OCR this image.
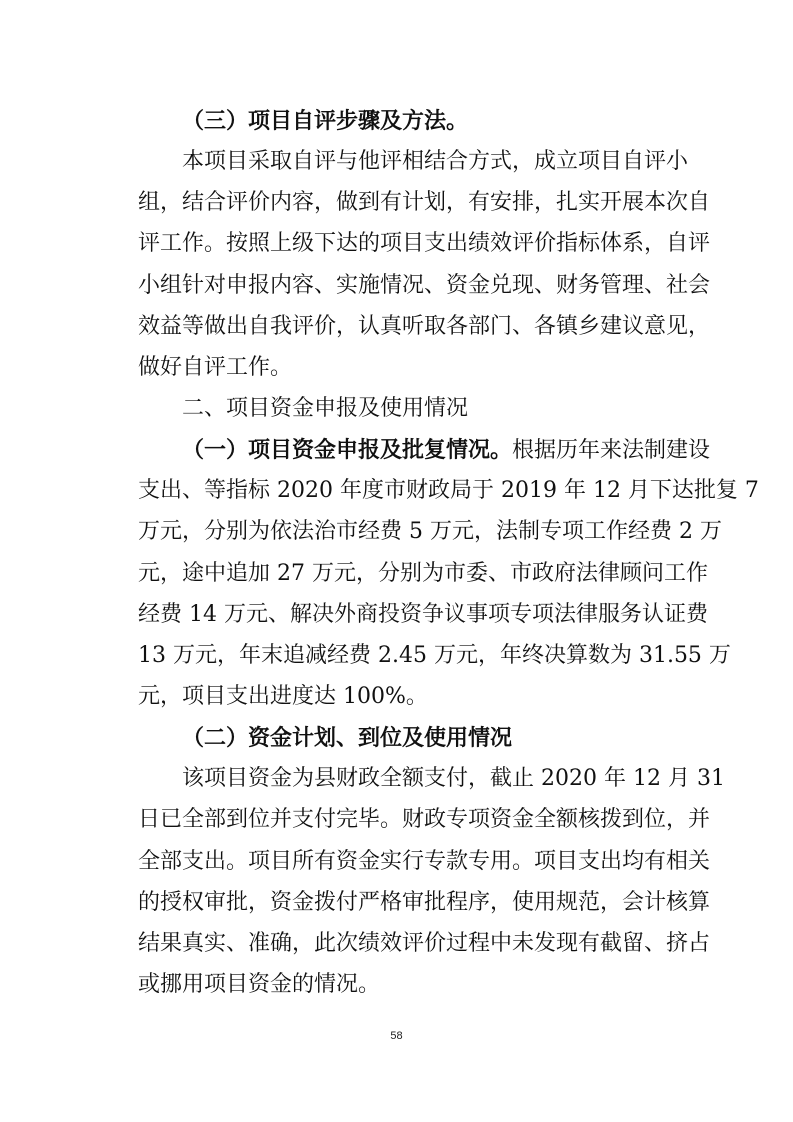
（三）项目自评步骤及方法。
本项目采取自评与他评相结合方式，成立项目自评小
组，结合评价内容，做到有计划，有安排，扎实开展本次自
评工作。按照上级下达的项目支出绩效评价指标体系，自评
小组针对申报内容、实施情况、资金兑现、财务管理、社会
效益等做出自我评价，认真听取各部门、各镇乡建议意见，
做好自评工作。
二、项目资金申报及使用情况
（一）项目资金申报及批复情况。根据历年来法制建设
支出、等指标 2020 年度市财政局于 2019 年 12 月下达批复 7
万元，分别为依法治市经费 5 万元，法制专项工作经费 2 万
元，途中追加 27 万元，分别为市委、市政府法律顾问工作
经费 14 万元、解决外商投资争议事项专项法律服务认证费
13 万元，年末追减经费 2.45 万元，年终决算数为 31.55 万
元，项目支出进度达 100%。
（二）资金计划、到位及使用情况
该项目资金为县财政全额支付，截止 2020 年 12 月 31
日已全部到位并支付完毕。财政专项资金全额核拨到位，并
全部支出。项目所有资金实行专款专用。项目支出均有相关
的授权审批，资金拨付严格审批程序，使用规范，会计核算
结果真实、准确，此次绩效评价过程中未发现有截留、挤占
或挪用项目资金的情况。
58
